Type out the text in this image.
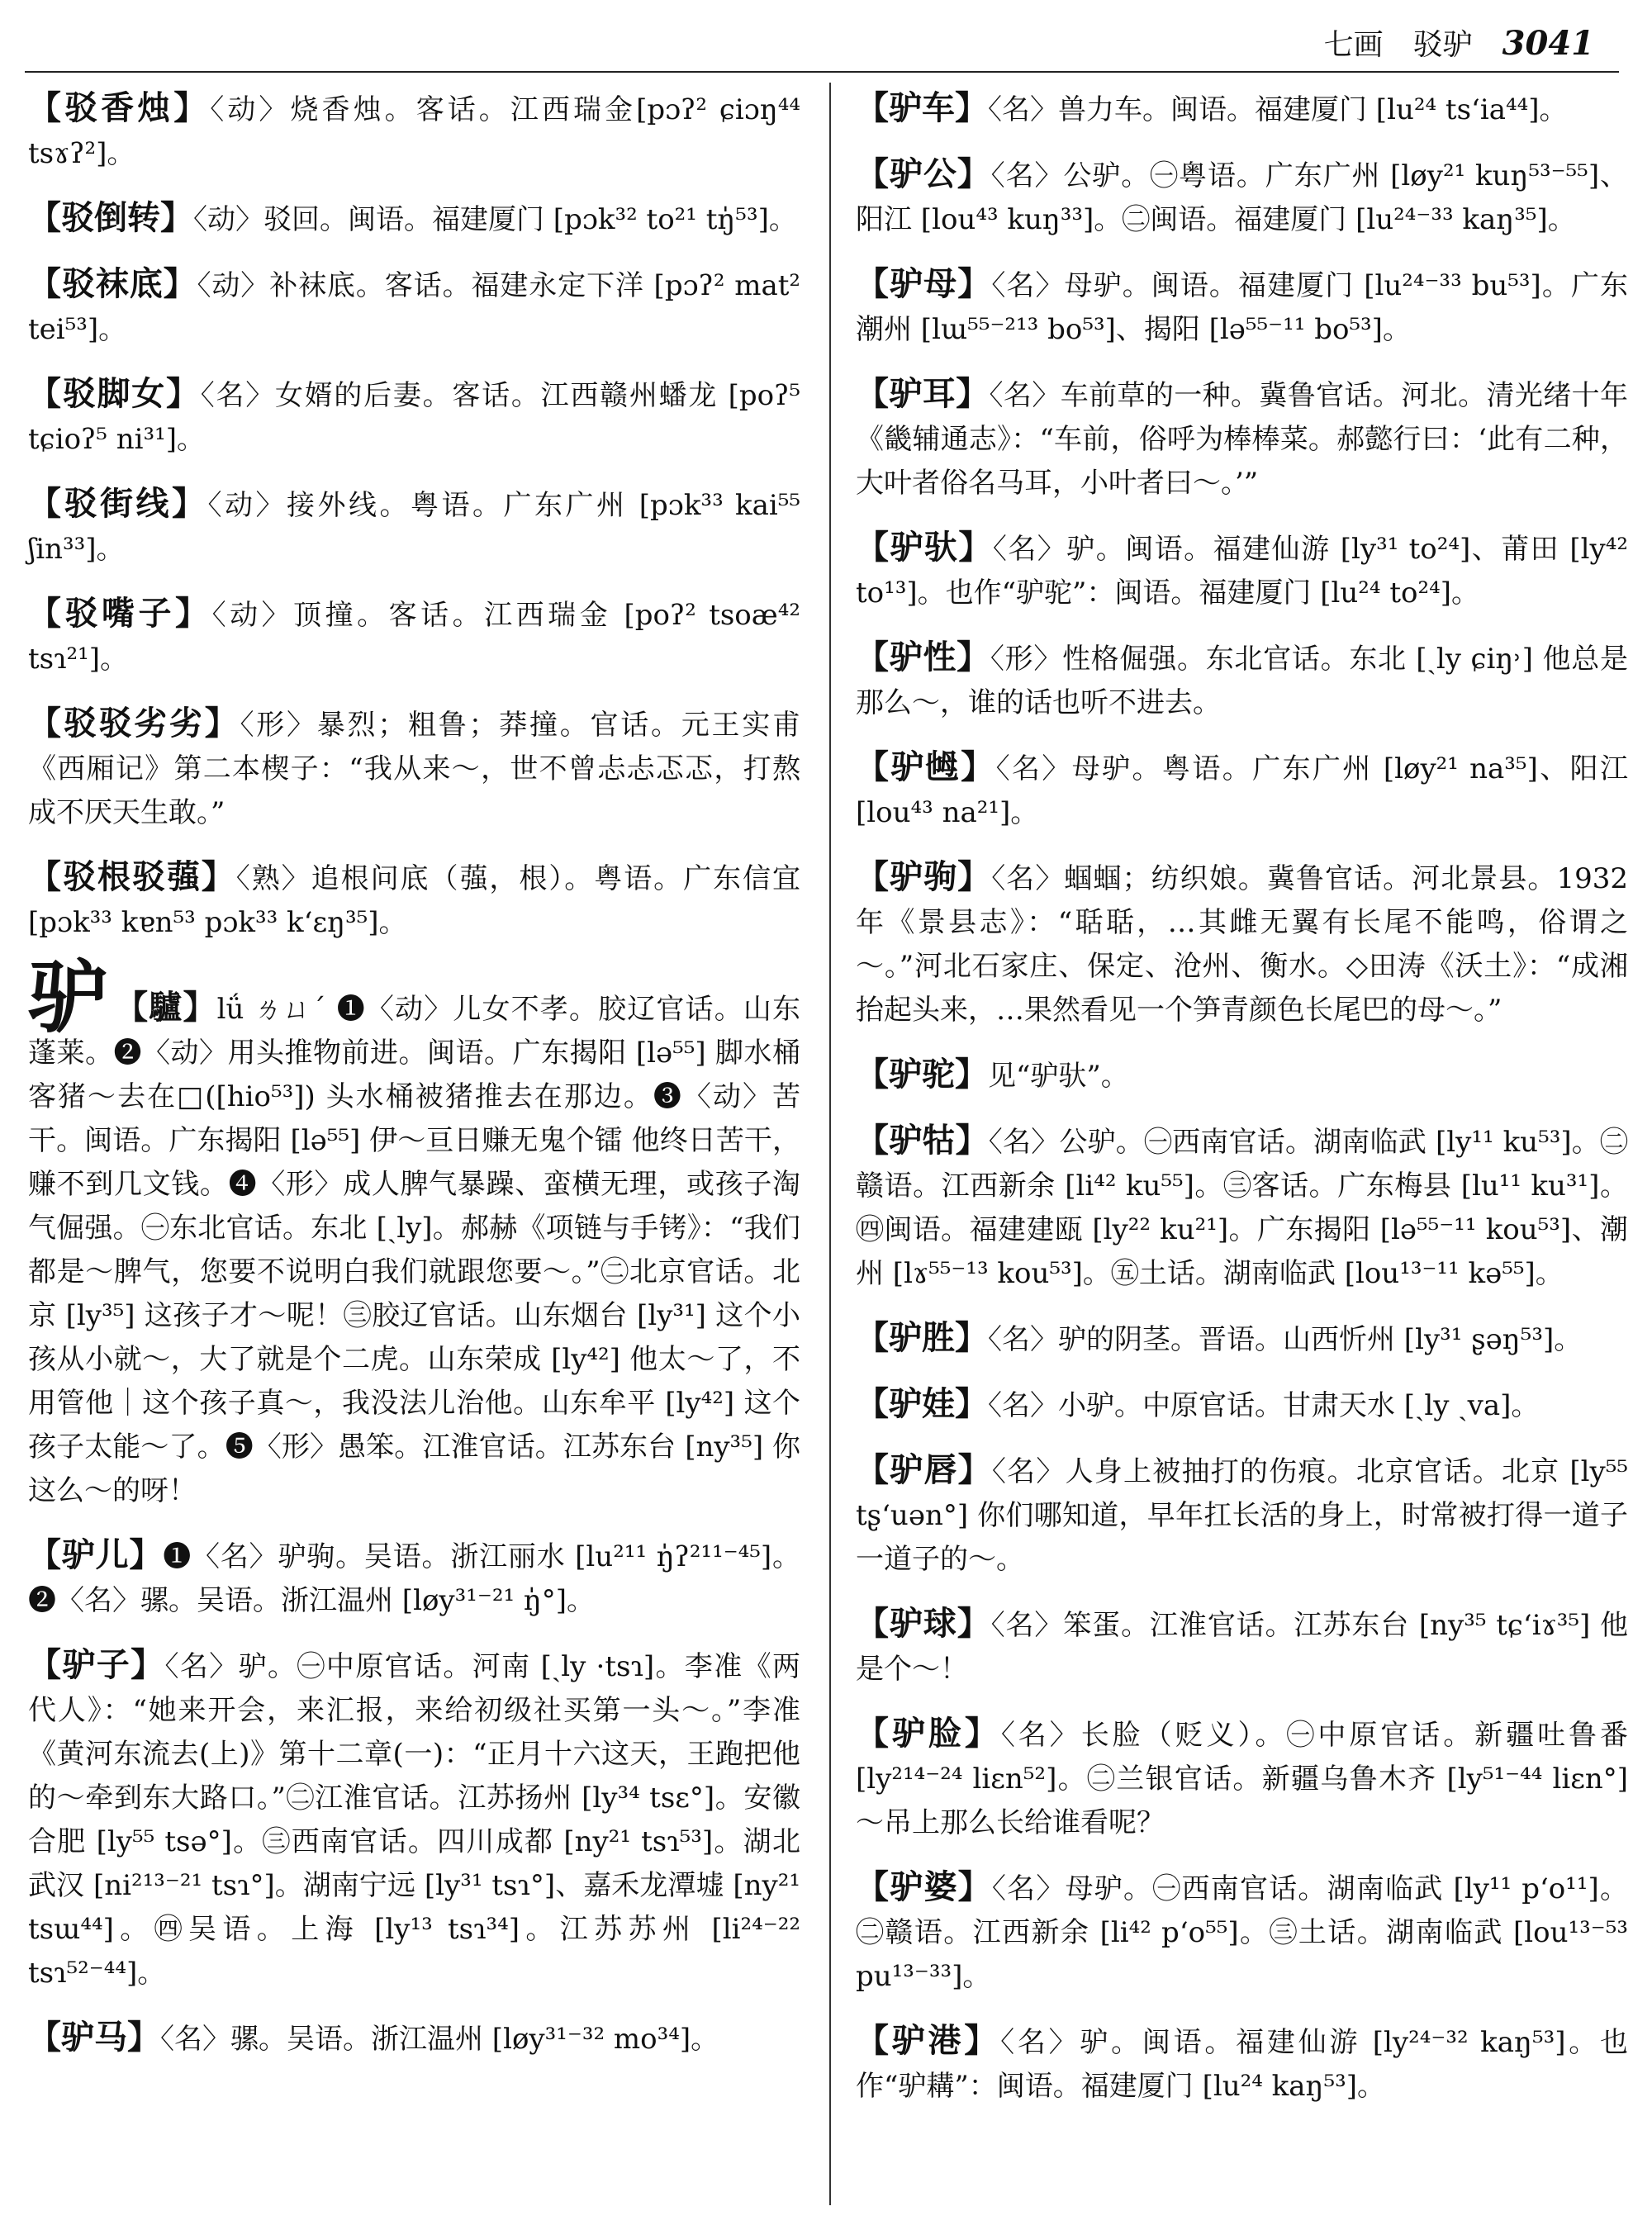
七画 驳驴 3041
【驳香烛】〈动〉烧香烛。客话。江西瑞金[pɔʔ² ɕiɔŋ⁴⁴ tsɤʔ²]。
【驳倒转】〈动〉驳回。闽语。福建厦门 [pɔk³² to²¹ tŋ̍⁵³]。
【驳袜底】〈动〉补袜底。客话。福建永定下洋 [pɔʔ² mat² tei⁵³]。
【驳脚女】〈名〉女婿的后妻。客话。江西赣州蟠龙 [poʔ⁵ tɕioʔ⁵ ni³¹]。
【驳街线】〈动〉接外线。粤语。广东广州 [pɔk³³ kai⁵⁵ ʃin³³]。
【驳嘴子】〈动〉顶撞。客话。江西瑞金 [poʔ² tsoæ⁴² tsɿ²¹]。
【驳驳劣劣】〈形〉暴烈；粗鲁；莽撞。官话。元王实甫《西厢记》第二本楔子：“我从来～，世不曾忐忐忑忑，打熬成不厌天生敢。”
【驳根驳蔃】〈熟〉追根问底（蔃，根）。粤语。广东信宜 [pɔk³³ kɐn⁵³ pɔk³³ kʻɛŋ³⁵]。
驴 【驢】lǘ ㄌㄩˊ ❶〈动〉儿女不孝。胶辽官话。山东蓬莱。❷〈动〉用头推物前进。闽语。广东揭阳 [lə⁵⁵] 脚水桶客猪～去在□([hio⁵³]) 头水桶被猪推去在那边。❸〈动〉苦干。闽语。广东揭阳 [lə⁵⁵] 伊～亘日赚无鬼个镭 他终日苦干，赚不到几文钱。❹〈形〉成人脾气暴躁、蛮横无理，或孩子淘气倔强。㊀东北官话。东北 [ˏly]。郝赫《项链与手铐》：“我们都是～脾气，您要不说明白我们就跟您要～。”㊁北京官话。北京 [ly³⁵] 这孩子才～呢！㊂胶辽官话。山东烟台 [ly³¹] 这个小孩从小就～，大了就是个二虎。山东荣成 [ly⁴²] 他太～了，不用管他｜这个孩子真～，我没法儿治他。山东牟平 [ly⁴²] 这个孩子太能～了。❺〈形〉愚笨。江淮官话。江苏东台 [ny³⁵] 你这么～的呀！
【驴儿】❶〈名〉驴驹。吴语。浙江丽水 [lu²¹¹ ŋ̍ʔ²¹¹⁻⁴⁵]。❷〈名〉骡。吴语。浙江温州 [løy³¹⁻²¹ ŋ̍°]。
【驴子】〈名〉驴。㊀中原官话。河南 [ˏly ·tsɿ]。李准《两代人》：“她来开会，来汇报，来给初级社买第一头～。”李准《黄河东流去(上)》第十二章(一)：“正月十六这天，王跑把他的～牵到东大路口。”㊁江淮官话。江苏扬州 [ly³⁴ tsɛ°]。安徽合肥 [ly⁵⁵ tsə°]。㊂西南官话。四川成都 [ny²¹ tsɿ⁵³]。湖北武汉 [ni²¹³⁻²¹ tsɿ°]。湖南宁远 [ly³¹ tsɿ°]、嘉禾龙潭墟 [ny²¹ tsɯ⁴⁴]。㊃吴语。上海 [ly¹³ tsɿ³⁴]。江苏苏州 [li²⁴⁻²² tsɿ⁵²⁻⁴⁴]。
【驴马】〈名〉骡。吴语。浙江温州 [løy³¹⁻³² mo³⁴]。
【驴车】〈名〉兽力车。闽语。福建厦门 [lu²⁴ tsʻia⁴⁴]。
【驴公】〈名〉公驴。㊀粤语。广东广州 [løy²¹ kuŋ⁵³⁻⁵⁵]、阳江 [lou⁴³ kuŋ³³]。㊁闽语。福建厦门 [lu²⁴⁻³³ kaŋ³⁵]。
【驴母】〈名〉母驴。闽语。福建厦门 [lu²⁴⁻³³ bu⁵³]。广东潮州 [lɯ⁵⁵⁻²¹³ bo⁵³]、揭阳 [lə⁵⁵⁻¹¹ bo⁵³]。
【驴耳】〈名〉车前草的一种。冀鲁官话。河北。清光绪十年《畿辅通志》：“车前，俗呼为棒棒菜。郝懿行曰：‘此有二种，大叶者俗名马耳，小叶者曰～。’”
【驴驮】〈名〉驴。闽语。福建仙游 [ly³¹ to²⁴]、莆田 [ly⁴² to¹³]。也作“驴驼”：闽语。福建厦门 [lu²⁴ to²⁴]。
【驴性】〈形〉性格倔强。东北官话。东北 [ˏly ɕiŋ˒] 他总是那么～，谁的话也听不进去。
【驴乸】〈名〉母驴。粤语。广东广州 [løy²¹ na³⁵]、阳江 [lou⁴³ na²¹]。
【驴驹】〈名〉蝈蝈；纺织娘。冀鲁官话。河北景县。1932年《景县志》：“聒聒，…其雌无翼有长尾不能鸣，俗谓之～。”河北石家庄、保定、沧州、衡水。◇田涛《沃土》：“成湘抬起头来，…果然看见一个笋青颜色长尾巴的母～。”
【驴驼】见“驴驮”。
【驴牯】〈名〉公驴。㊀西南官话。湖南临武 [ly¹¹ ku⁵³]。㊁赣语。江西新余 [li⁴² ku⁵⁵]。㊂客话。广东梅县 [lu¹¹ ku³¹]。㊃闽语。福建建瓯 [ly²² ku²¹]。广东揭阳 [lə⁵⁵⁻¹¹ kou⁵³]、潮州 [lɤ⁵⁵⁻¹³ kou⁵³]。㊄土话。湖南临武 [lou¹³⁻¹¹ kə⁵⁵]。
【驴胜】〈名〉驴的阴茎。晋语。山西忻州 [ly³¹ ʂəŋ⁵³]。
【驴娃】〈名〉小驴。中原官话。甘肃天水 [ˏly ˏva]。
【驴唇】〈名〉人身上被抽打的伤痕。北京官话。北京 [ly⁵⁵ tʂʻuən°] 你们哪知道，早年扛长活的身上，时常被打得一道子一道子的～。
【驴球】〈名〉笨蛋。江淮官话。江苏东台 [ny³⁵ tɕʻiɤ³⁵] 他是个～！
【驴脸】〈名〉长脸（贬义）。㊀中原官话。新疆吐鲁番 [ly²¹⁴⁻²⁴ liɛn⁵²]。㊁兰银官话。新疆乌鲁木齐 [ly⁵¹⁻⁴⁴ liɛn°] ～吊上那么长给谁看呢？
【驴婆】〈名〉母驴。㊀西南官话。湖南临武 [ly¹¹ pʻo¹¹]。㊁赣语。江西新余 [li⁴² pʻo⁵⁵]。㊂土话。湖南临武 [lou¹³⁻⁵³ pu¹³⁻³³]。
【驴港】〈名〉驴。闽语。福建仙游 [ly²⁴⁻³² kaŋ⁵³]。也作“驴耩”：闽语。福建厦门 [lu²⁴ kaŋ⁵³]。
